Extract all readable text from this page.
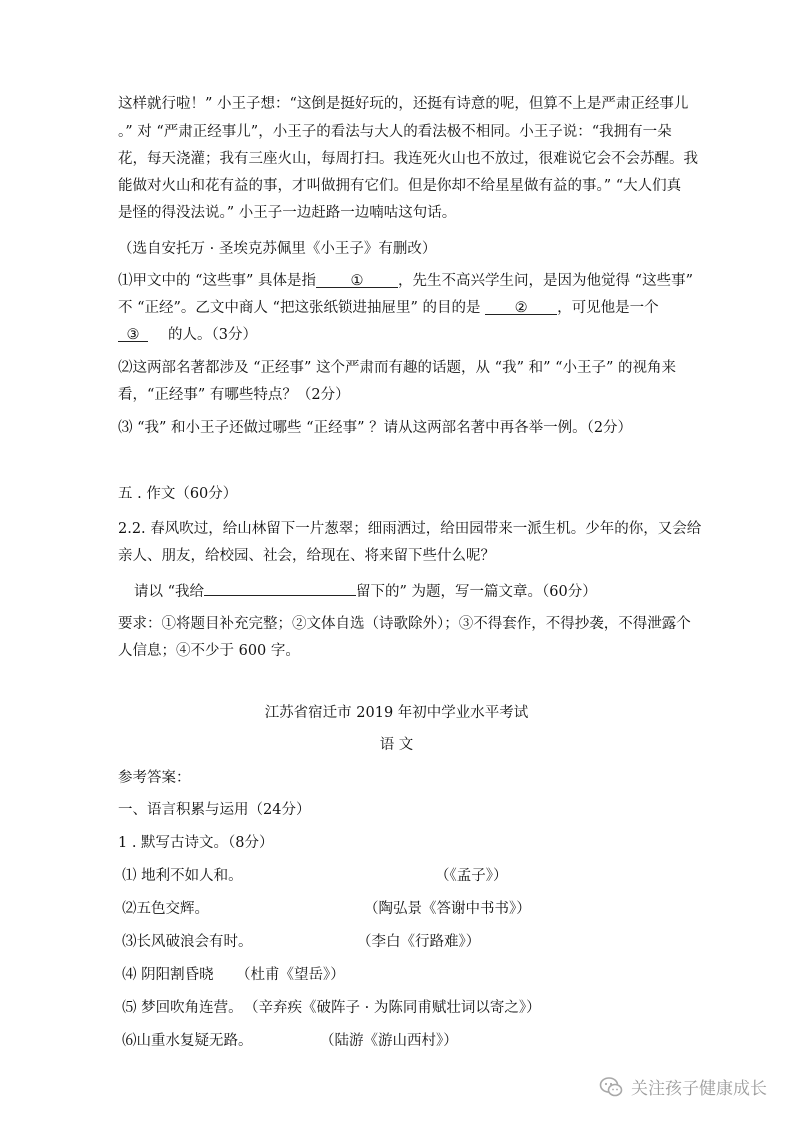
这样就行啦！” 小王子想：“这倒是挺好玩的，还挺有诗意的呢，但算不上是严肃正经事儿
。” 对 “严肃正经事儿”，小王子的看法与大人的看法极不相同。小王子说：“我拥有一朵
花，每天浇灌；我有三座火山，每周打扫。我连死火山也不放过，很难说它会不会苏醒。我
能做对火山和花有益的事，才叫做拥有它们。但是你却不给星星做有益的事。” “大人们真
是怪的得没法说。” 小王子一边赶路一边喃咕这句话。
（选自安托万 · 圣埃克苏佩里《小王子》有删改）
⑴甲文中的 “这些事” 具体是指 ① ，先生不高兴学生问，是因为他觉得 “这些事”
不 “正经”。乙文中商人 “把这张纸锁进抽屉里” 的目的是 ② ，可见他是一个
③ 的人。（3分）
⑵这两部名著都涉及 “正经事” 这个严肃而有趣的话题，从 “我” 和” “小王子” 的视角来
看，“正经事” 有哪些特点？（2分）
⑶ “我” 和小王子还做过哪些 “正经事” ？请从这两部名著中再各举一例。（2分）
五 . 作文（60分）
2.2. 春风吹过，给山林留下一片葱翠；细雨洒过，给田园带来一派生机。少年的你，又会给
亲人、朋友，给校园、社会，给现在、将来留下些什么呢？
请以 “我给	留下的” 为题，写一篇文章。（60分）
要求：①将题目补充完整；②文体自选（诗歌除外）；③不得套作，不得抄袭，不得泄露个
人信息；④不少于 600 字。
江苏省宿迁市 2019 年初中学业水平考试
语 文
参考答案：
一、语言积累与运用（24分）
1 . 默写古诗文。（8分）
⑴ 地利不如人和。	（《孟子》）
⑵五色交辉。	（陶弘景《答谢中书书》）
⑶长风破浪会有时。	（李白《行路难》）
⑷ 阴阳割昏晓 （杜甫《望岳》）
⑸ 梦回吹角连营。 （辛弃疾《破阵子 · 为陈同甫赋壮词以寄之》）
⑹山重水复疑无路。	（陆游《游山西村》）
关注孩子健康成长
